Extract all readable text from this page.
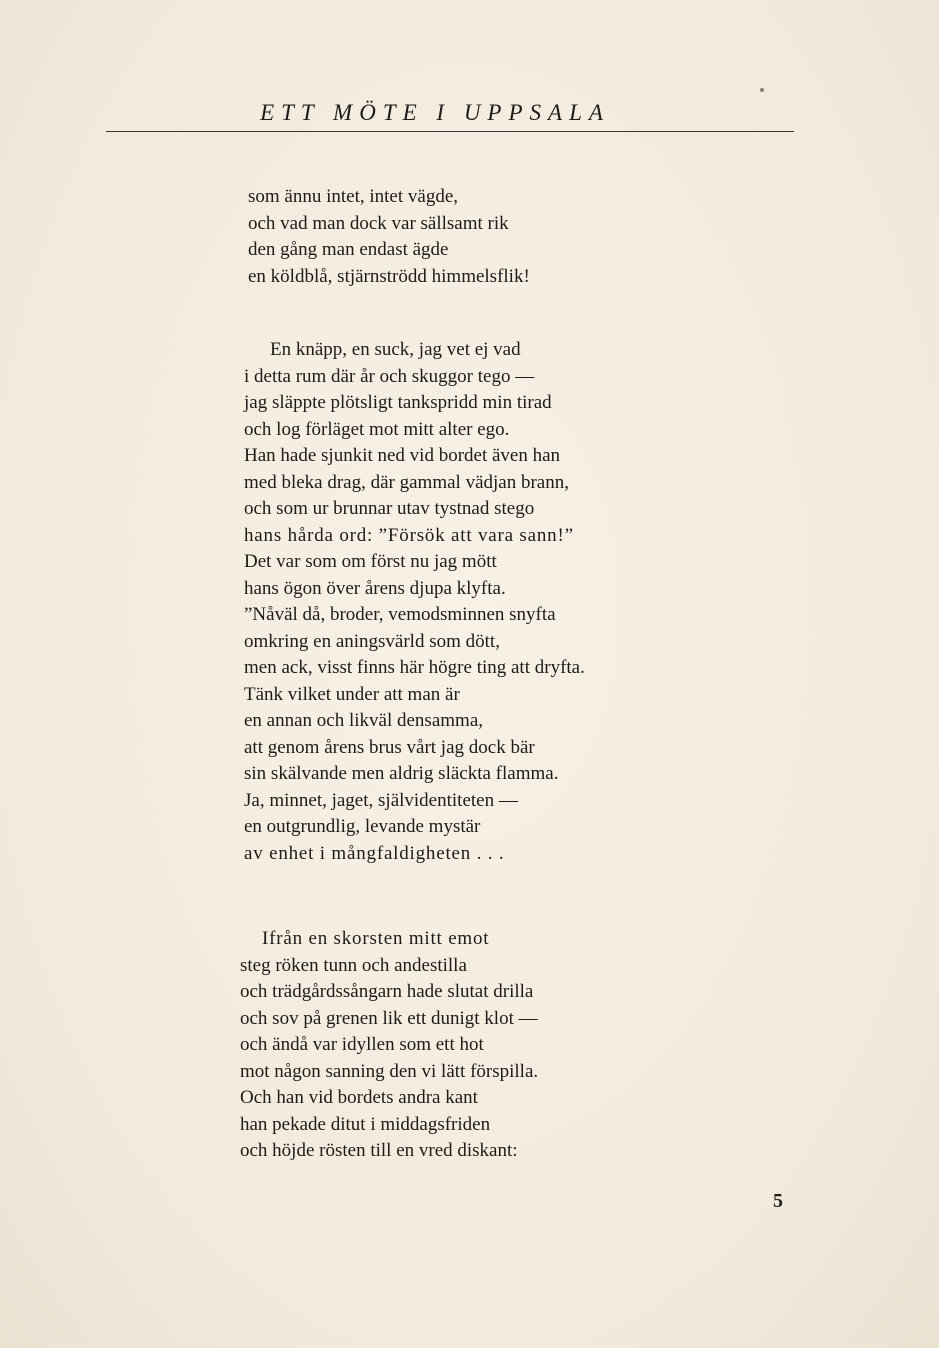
ETT MÖTE I UPPSALA
som ännu intet, intet vägde,
och vad man dock var sällsamt rik
den gång man endast ägde
en köldblå, stjärnströdd himmelsflik!
En knäpp, en suck, jag vet ej vad
i detta rum där år och skuggor tego —
jag släppte plötsligt tankspridd min tirad
och log förläget mot mitt alter ego.
Han hade sjunkit ned vid bordet även han
med bleka drag, där gammal vädjan brann,
och som ur brunnar utav tystnad stego
hans hårda ord: ”Försök att vara sann!”
Det var som om först nu jag mött
hans ögon över årens djupa klyfta.
”Nåväl då, broder, vemodsminnen snyfta
omkring en aningsvärld som dött,
men ack, visst finns här högre ting att dryfta.
Tänk vilket under att man är
en annan och likväl densamma,
att genom årens brus vårt jag dock bär
sin skälvande men aldrig släckta flamma.
Ja, minnet, jaget, självidentiteten —
en outgrundlig, levande mystär
av enhet i mångfaldigheten . . .
Ifrån en skorsten mitt emot
steg röken tunn och andestilla
och trädgårdssångarn hade slutat drilla
och sov på grenen lik ett dunigt klot —
och ändå var idyllen som ett hot
mot någon sanning den vi lätt förspilla.
Och han vid bordets andra kant
han pekade ditut i middagsfriden
och höjde rösten till en vred diskant:
5
